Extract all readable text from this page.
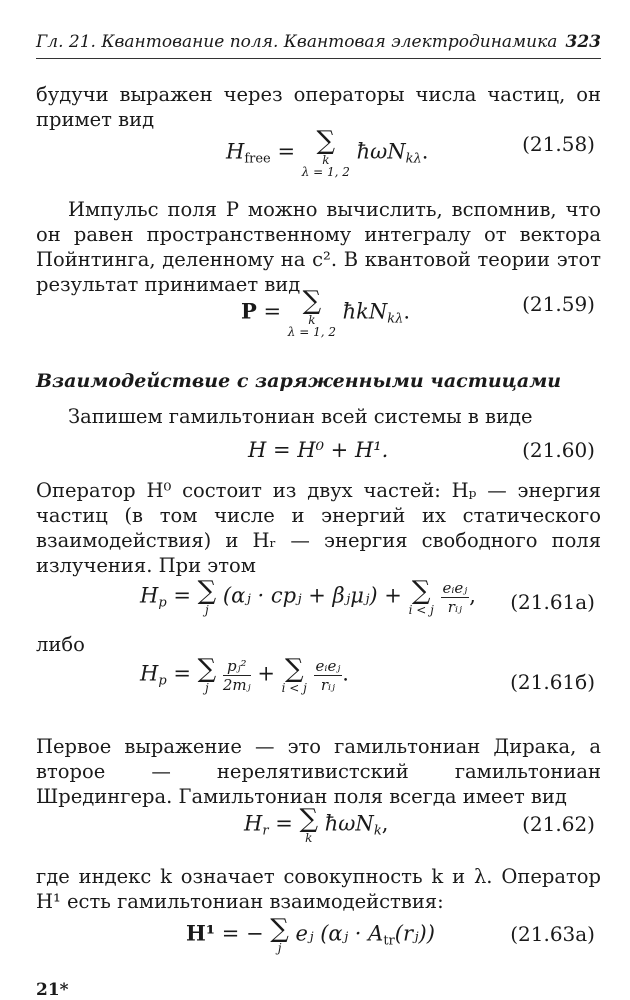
Гл. 21. Квантование поля. Квантовая электродинамика 323
будучи выражен через операторы числа частиц, он примет вид
$H_{free}$ = ∑
k
λ = 1, 2
ħωN$_{k\lambda}$.	(21.58)
Импульс поля P можно вычислить, вспомнив, что он равен пространственному интегралу от вектора Пойнтинга, деленному на c². В квантовой теории этот результат принимает вид
P = ∑
k
λ = 1, 2
ħkN$_{k\lambda}$.	(21.59)
Взаимодействие с заряженными частицами
Запишем гамильтониан всей системы в виде
H = H⁰ + H¹.	(21.60)
Оператор H⁰ состоит из двух частей: Hₚ — энергия частиц (в том числе и энергий их статического взаимодействия) и Hᵣ — энергия свободного поля излучения. При этом
$H_p$ = ∑
j
(αⱼ · cpⱼ + βⱼμⱼ) + ∑
i < j
$\frac{\text{eᵢeⱼ}}{\text{rᵢⱼ}}$ , (21.61a)
либо
$H_p$ = ∑
j
$\frac{\text{pⱼ²}}{\text{2mⱼ}}$ + ∑
i < j
$\frac{\text{eᵢeⱼ}}{\text{rᵢⱼ}}$ .	(21.61б)
Первое выражение — это гамильтониан Дирака, а второе — нерелятивистский гамильтониан Шредингера. Гамильтониан поля всегда имеет вид
$H_r$ = ∑
k
ħωN$_k$,	(21.62)
где индекс k означает совокупность k и λ. Оператор H¹ есть гамильтониан взаимодействия:
H¹ = − ∑
j
eⱼ (αⱼ · $A_{tr}(rⱼ)$)	(21.63a)
21*
